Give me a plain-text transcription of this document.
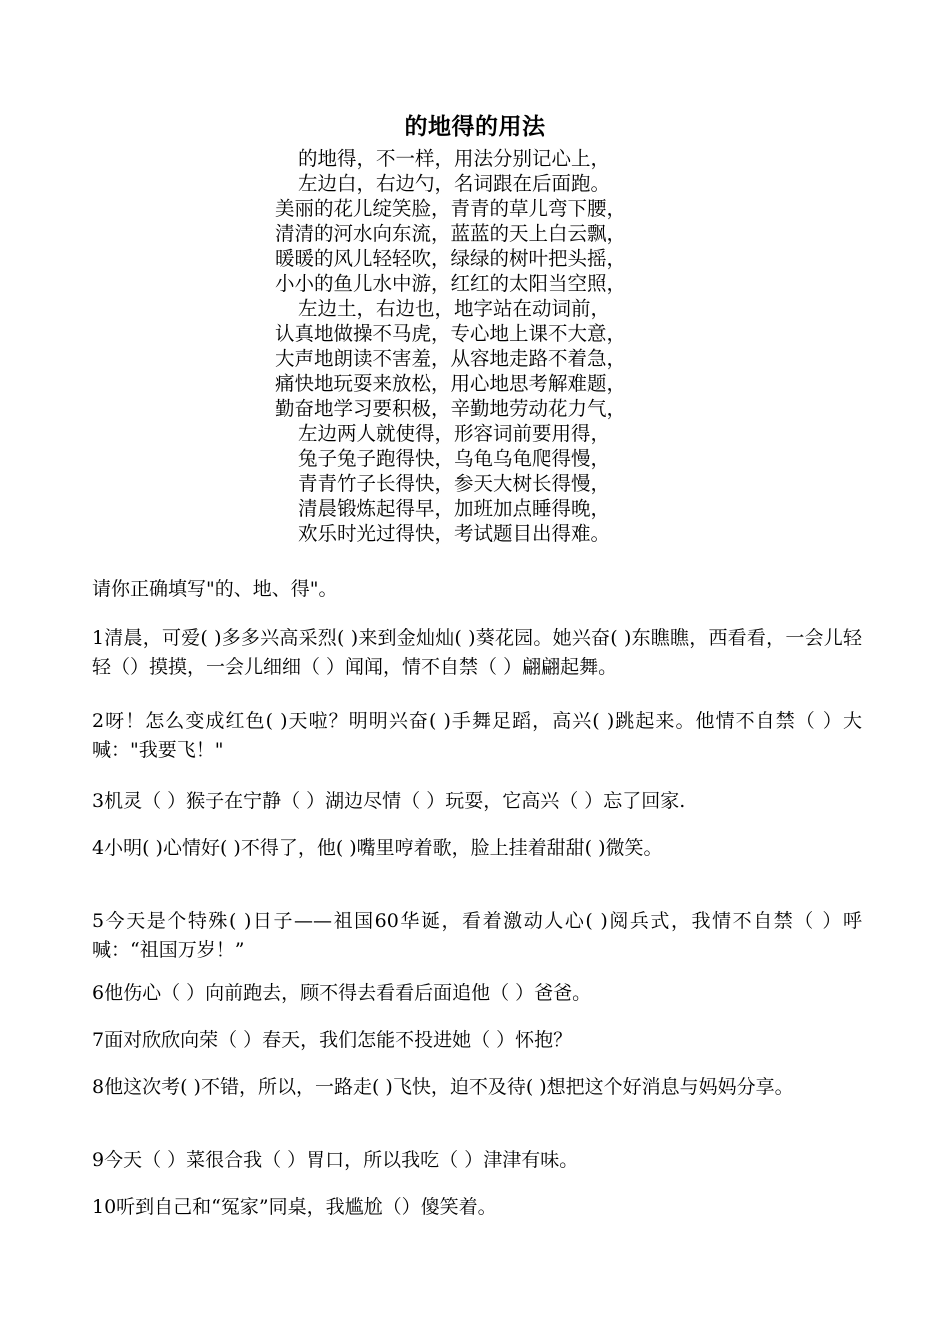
的地得的用法
的地得，不一样，用法分别记心上，
左边白，右边勺，名词跟在后面跑。
美丽的花儿绽笑脸，青青的草儿弯下腰，
清清的河水向东流，蓝蓝的天上白云飘，
暖暖的风儿轻轻吹，绿绿的树叶把头摇，
小小的鱼儿水中游，红红的太阳当空照，
左边土，右边也，地字站在动词前，
认真地做操不马虎，专心地上课不大意，
大声地朗读不害羞，从容地走路不着急，
痛快地玩耍来放松，用心地思考解难题，
勤奋地学习要积极，辛勤地劳动花力气，
左边两人就使得，形容词前要用得，
兔子兔子跑得快，乌龟乌龟爬得慢，
青青竹子长得快，参天大树长得慢，
清晨锻炼起得早，加班加点睡得晚，
欢乐时光过得快，考试题目出得难。
请你正确填写"的、地、得"。
1清晨，可爱( )多多兴高采烈( )来到金灿灿( )葵花园。她兴奋( )东瞧瞧，西看看，一会儿轻轻（）摸摸，一会儿细细（ ）闻闻，情不自禁（ ）翩翩起舞。
2呀！怎么变成红色( )天啦？明明兴奋( )手舞足蹈，高兴( )跳起来。他情不自禁（ ）大喊："我要飞！"
3机灵（ ）猴子在宁静（ ）湖边尽情（ ）玩耍，它高兴（ ）忘了回家.
4小明( )心情好( )不得了，他( )嘴里哼着歌，脸上挂着甜甜( )微笑。
5今天是个特殊( )日子——祖国60华诞，看着激动人心( )阅兵式，我情不自禁（ ）呼喊：“祖国万岁！”
6他伤心（ ）向前跑去，顾不得去看看后面追他（ ）爸爸。
7面对欣欣向荣（ ）春天，我们怎能不投进她（ ）怀抱？
8他这次考( )不错，所以，一路走( )飞快，迫不及待( )想把这个好消息与妈妈分享。
9今天（ ）菜很合我（ ）胃口，所以我吃（ ）津津有味。
10听到自己和“冤家”同桌，我尴尬（）傻笑着。
